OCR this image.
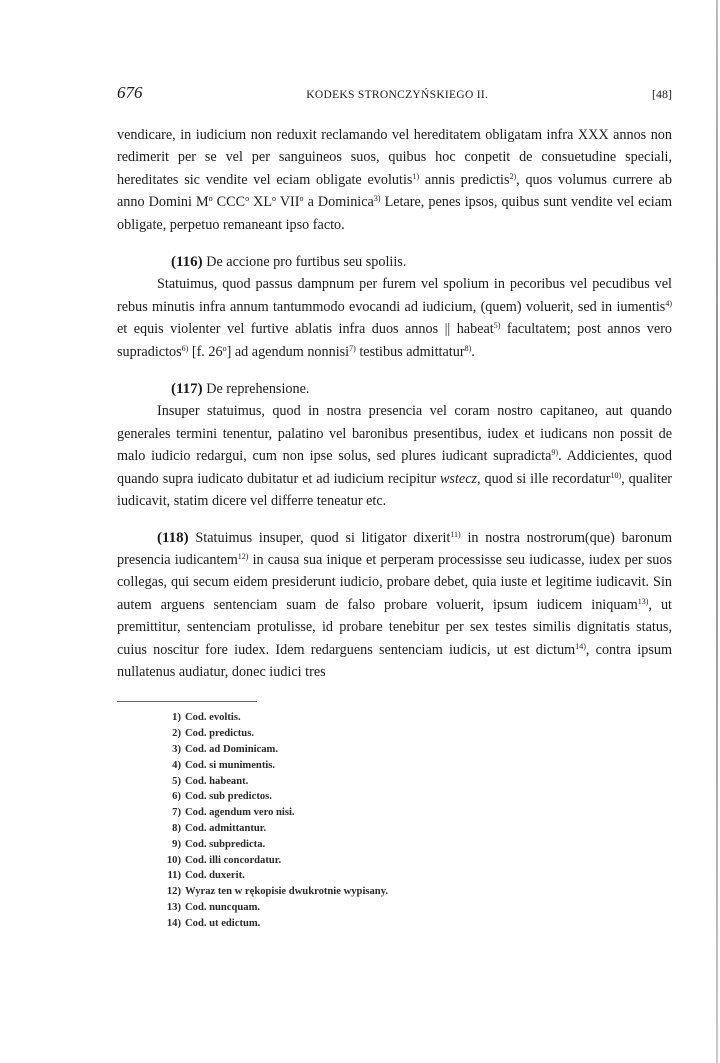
676	KODEKS STRONCZYŃSKIEGO II.	[48]

vendicare, in iudicium non reduxit reclamando vel hereditatem obligatam infra XXX annos non redimerit per se vel per sanguineos suos, quibus hoc conpetit de consuetudine speciali, hereditates sic vendite vel eciam obligate evolutis$^{1)}$ annis predictis$^{2)}$, quos volumus currere ab anno Domini $M^o$ CCC$^o$ $XL^o$ VII$^o$ a Dominica$^{3)}$ Letare, penes ipsos, quibus sunt vendite vel eciam obligate, perpetuo remaneant ipso facto.

(116) De accione pro furtibus seu spoliis.

Statuimus, quod passus dampnum per furem vel spolium in pecoribus vel pecudibus vel rebus minutis infra annum tantummodo evocandi ad iudicium, (quem) voluerit, sed in iumentis$^{4)}$ et equis violenter vel furtive ablatis infra duos annos || habeat$^{5)}$ facultatem; post annos vero supradictos$^{6)}$ [f. 26$^o$] ad agendum nonnisi$^{7)}$ testibus admittatur$^{8)}$.

(117) De reprehensione.

Insuper statuimus, quod in nostra presencia vel coram nostro capitaneo, aut quando generales termini tenentur, palatino vel baronibus presentibus, iudex et iudicans non possit de malo iudicio redargui, cum non ipse solus, sed plures iudicant supradicta$^{9)}$. Addicientes, quod quando supra iudicato dubitatur et ad iudicium recipitur wstecz, quod si ille recordatur$^{10)}$, qualiter iudicavit, statim dicere vel differre teneatur etc.

(118) Statuimus insuper, quod si litigator dixerit$^{11)}$ in nostra nostrorum(que) baronum presencia iudicantem$^{12)}$ in causa sua inique et perperam processisse seu iudicasse, iudex per suos collegas, qui secum eidem presiderunt iudicio, probare debet, quia iuste et legitime iudicavit. Sin autem arguens sentenciam suam de falso probare voluerit, ipsum iudicem iniquam$^{13)}$, ut premittitur, sentenciam protulisse, id probare tenebitur per sex testes similis dignitatis status, cuius noscitur fore iudex. Idem redarguens sentenciam iudicis, ut est dictum$^{14)}$, contra ipsum nullatenus audiatur, donec iudici tres

1) Cod. evoltis.
2) Cod. predictus.
3) Cod. ad Dominicam.
4) Cod. si munimentis.
5) Cod. habeant.
6) Cod. sub predictos.
7) Cod. agendum vero nisi.
8) Cod. admittantur.
9) Cod. subpredicta.
10) Cod. illi concordatur.
11) Cod. duxerit.
12) Wyraz ten w rękopisie dwukrotnie wypisany.
13) Cod. nuncquam.
14) Cod. ut edictum.
